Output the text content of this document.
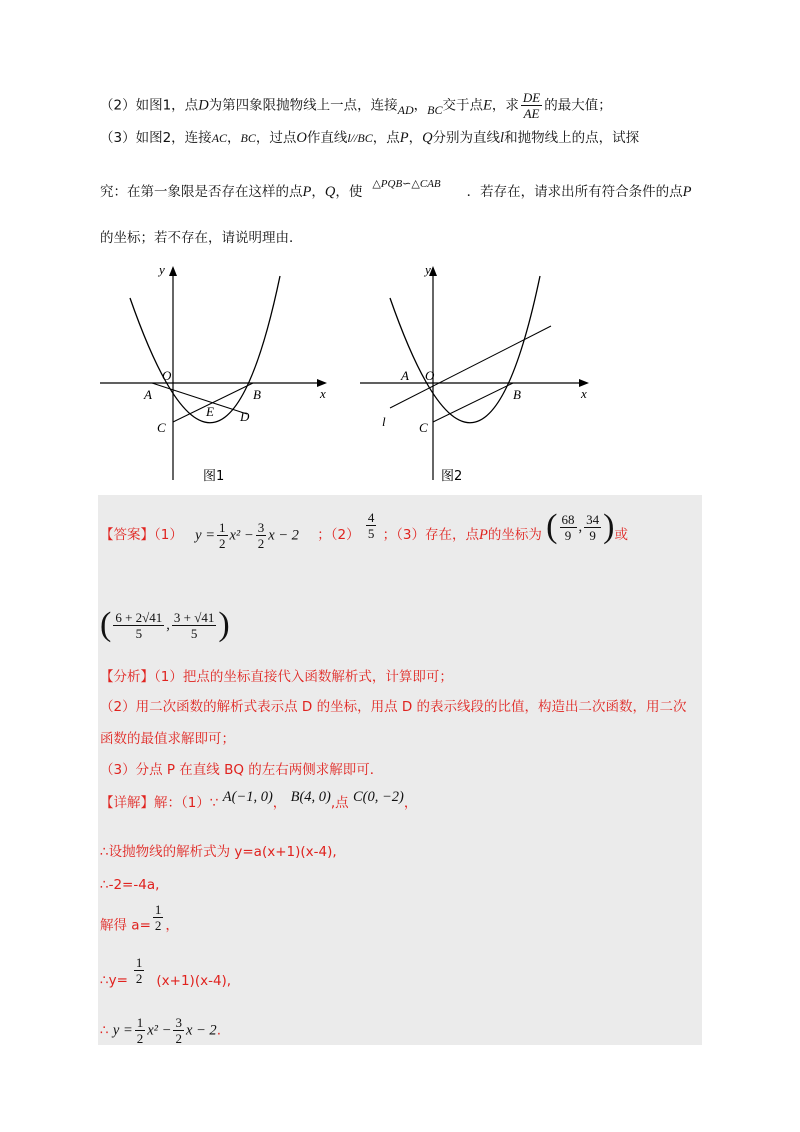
（2）如图1，点D为第四象限抛物线上一点，连接AD，BC交于点E，求 $\frac{DE}{AE}$ 的最大值；
（3）如图2，连接AC，BC，过点O作直线l//BC，点P，Q分别为直线l和抛物线上的点，试探
究：在第一象限是否存在这样的点P，Q，使 $^{\triangle PQB∽\triangle CAB}$ ．若存在，请求出所有符合条件的点P
的坐标；若不存在，请说明理由．
y
x
O
A	B
C
D
E
图1
y
x
O
A
B
C
l
图2
【答案】（1） $y = \frac{1}{2} x^2 - \frac{3}{2}$ x − 2 ；$(2) \frac{4}{5}$ ；（3）存在，点P的坐标为 ( $\frac{68}{9}$ , $\frac{34}{9}$ )或
( $\frac{6 + 2√41}{5}$ , $\frac{3 + √41}{5}$ )
【分析】（1）把点的坐标直接代入函数解析式，计算即可；
（2）用二次函数的解析式表示点 D 的坐标，用点 D 的表示线段的比值，构造出二次函数，用二次
函数的最值求解即可；
（3）分点 P 在直线 BQ 的左右两侧求解即可．
【详解】解：（1）∵ A(−1, 0)， B(4, 0),点 C(0, −2)，
∴设抛物线的解析式为 y=a(x+1)(x-4),
∴-2=-4a,
解得 $a= \frac{1}{2}$ ，
∴y= $\frac{1}{2} (x+1)(x-4)$,
∴ $y = \frac{1}{2} x^2 - \frac{3}{2}$ x − 2.
